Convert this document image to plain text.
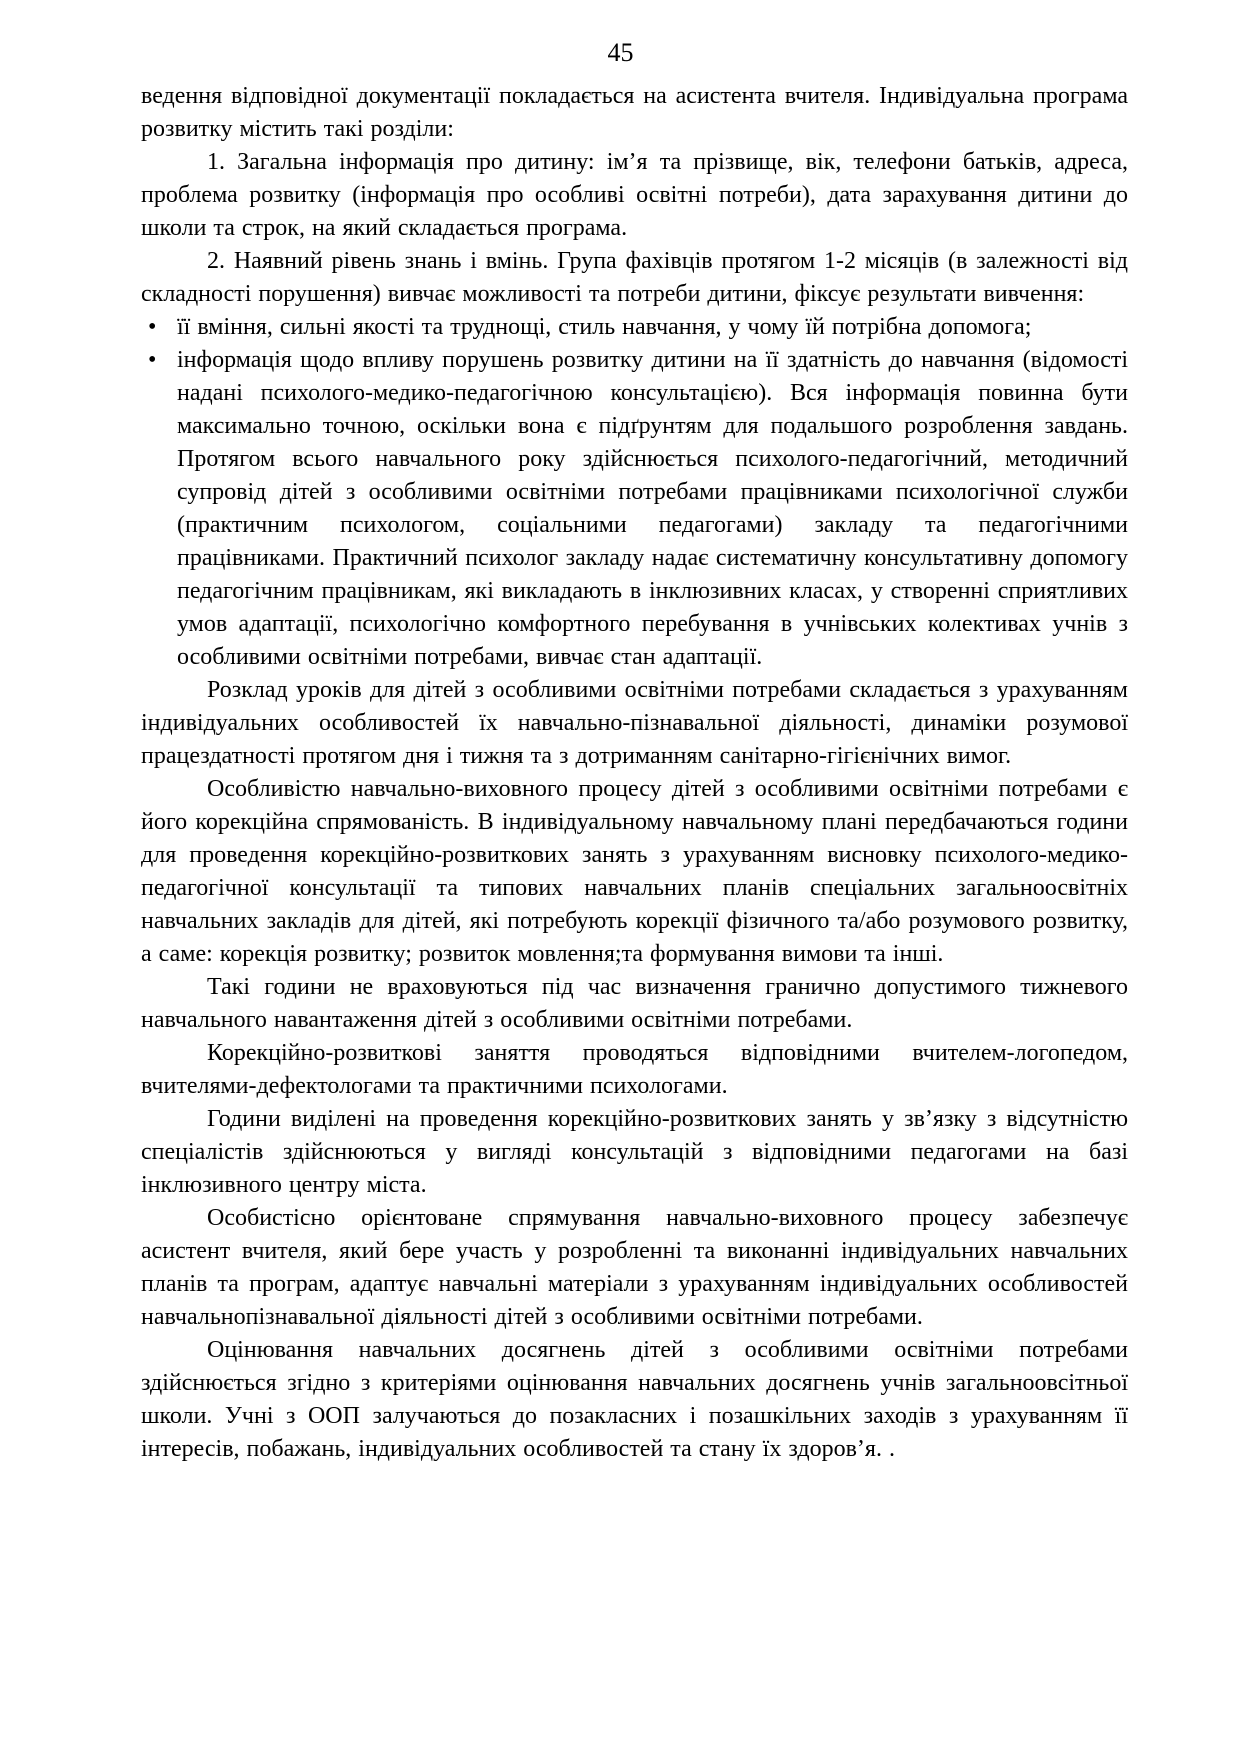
45

ведення відповідної документації покладається на асистента вчителя. Індивідуальна програма розвитку містить такі розділи:

1. Загальна інформація про дитину: ім’я та прізвище, вік, телефони батьків, адреса, проблема розвитку (інформація про особливі освітні потреби), дата зарахування дитини до школи та строк, на який складається програма.

2. Наявний рівень знань і вмінь. Група фахівців протягом 1-2 місяців (в залежності від складності порушення) вивчає можливості та потреби дитини, фіксує результати вивчення:

• її вміння, сильні якості та труднощі, стиль навчання, у чому їй потрібна допомога;

• інформація щодо впливу порушень розвитку дитини на її здатність до навчання (відомості надані психолого-медико-педагогічною консультацією). Вся інформація повинна бути максимально точною, оскільки вона є підґрунтям для подальшого розроблення завдань. Протягом всього навчального року здійснюється психолого-педагогічний, методичний супровід дітей з особливими освітніми потребами працівниками психологічної служби (практичним психологом, соціальними педагогами) закладу та педагогічними працівниками. Практичний психолог закладу надає систематичну консультативну допомогу педагогічним працівникам, які викладають в інклюзивних класах, у створенні сприятливих умов адаптації, психологічно комфортного перебування в учнівських колективах учнів з особливими освітніми потребами, вивчає стан адаптації.

Розклад уроків для дітей з особливими освітніми потребами складається з урахуванням індивідуальних особливостей їх навчально-пізнавальної діяльності, динаміки розумової працездатності протягом дня і тижня та з дотриманням санітарно-гігієнічних вимог.

Особливістю навчально-виховного процесу дітей з особливими освітніми потребами є його корекційна спрямованість. В індивідуальному навчальному плані передбачаються години для проведення корекційно-розвиткових занять з урахуванням висновку психолого-медико-педагогічної консультації та типових навчальних планів спеціальних загальноосвітніх навчальних закладів для дітей, які потребують корекції фізичного та/або розумового розвитку, а саме: корекція розвитку; розвиток мовлення;та формування вимови та інші.

Такі години не враховуються під час визначення гранично допустимого тижневого навчального навантаження дітей з особливими освітніми потребами.

Корекційно-розвиткові заняття проводяться відповідними вчителем-логопедом, вчителями-дефектологами та практичними психологами.

Години виділені на проведення корекційно-розвиткових занять у зв’язку з відсутністю спеціалістів здійснюються у вигляді консультацій з відповідними педагогами на базі інклюзивного центру міста.

Особистісно орієнтоване спрямування навчально-виховного процесу забезпечує асистент вчителя, який бере участь у розробленні та виконанні індивідуальних навчальних планів та програм, адаптує навчальні матеріали з урахуванням індивідуальних особливостей навчальнопізнавальної діяльності дітей з особливими освітніми потребами.

Оцінювання навчальних досягнень дітей з особливими освітніми потребами здійснюється згідно з критеріями оцінювання навчальних досягнень учнів загальноовсітньої школи. Учні з ООП залучаються до позакласних і позашкільних заходів з урахуванням її інтересів, побажань, індивідуальних особливостей та стану їх здоров’я. .
